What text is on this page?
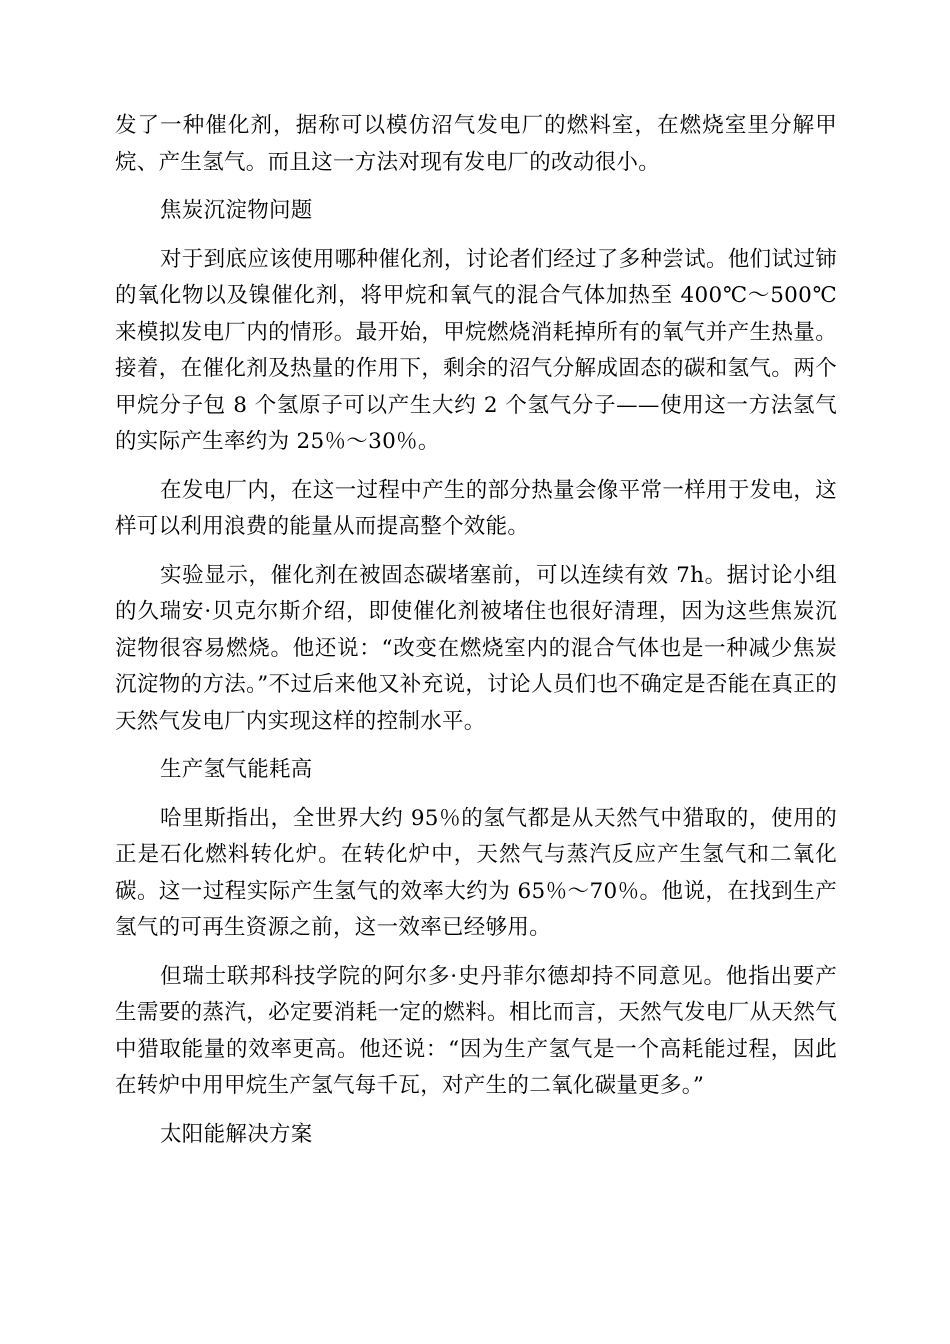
发了一种催化剂，据称可以模仿沼气发电厂的燃料室，在燃烧室里分解甲烷、产生氢气。而且这一方法对现有发电厂的改动很小。

焦炭沉淀物问题

对于到底应该使用哪种催化剂，讨论者们经过了多种尝试。他们试过铈的氧化物以及镍催化剂，将甲烷和氧气的混合气体加热至 400℃～500℃来模拟发电厂内的情形。最开始，甲烷燃烧消耗掉所有的氧气并产生热量。接着，在催化剂及热量的作用下，剩余的沼气分解成固态的碳和氢气。两个甲烷分子包 8 个氢原子可以产生大约 2 个氢气分子——使用这一方法氢气的实际产生率约为 25％～30％。

在发电厂内，在这一过程中产生的部分热量会像平常一样用于发电，这样可以利用浪费的能量从而提高整个效能。

实验显示，催化剂在被固态碳堵塞前，可以连续有效 7h。据讨论小组的久瑞安·贝克尔斯介绍，即使催化剂被堵住也很好清理，因为这些焦炭沉淀物很容易燃烧。他还说：“改变在燃烧室内的混合气体也是一种减少焦炭沉淀物的方法。”不过后来他又补充说，讨论人员们也不确定是否能在真正的天然气发电厂内实现这样的控制水平。

生产氢气能耗高

哈里斯指出，全世界大约 95％的氢气都是从天然气中猎取的，使用的正是石化燃料转化炉。在转化炉中，天然气与蒸汽反应产生氢气和二氧化碳。这一过程实际产生氢气的效率大约为 65％～70％。他说，在找到生产氢气的可再生资源之前，这一效率已经够用。

但瑞士联邦科技学院的阿尔多·史丹菲尔德却持不同意见。他指出要产生需要的蒸汽，必定要消耗一定的燃料。相比而言，天然气发电厂从天然气中猎取能量的效率更高。他还说：“因为生产氢气是一个高耗能过程，因此在转炉中用甲烷生产氢气每千瓦，对产生的二氧化碳量更多。”

太阳能解决方案
